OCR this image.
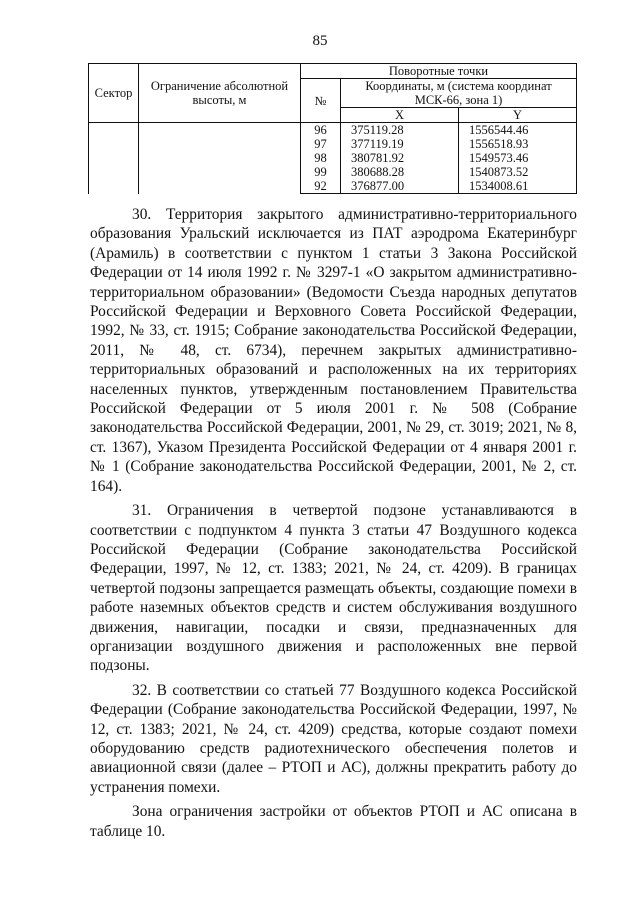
85
Сектор	Ограничение абсолютной высоты, м	Поворотные точки		
		№	Координаты, м (система координат МСК-66, зона 1)	
			X	Y
		96	375119.28	1556544.46
		97	377119.19	1556518.93
		98	380781.92	1549573.46
		99	380688.28	1540873.52
		92	376877.00	1534008.61

30. Территория закрытого административно-территориального образования Уральский исключается из ПАТ аэродрома Екатеринбург (Арамиль) в соответствии с пунктом 1 статьи 3 Закона Российской Федерации от 14 июля 1992 г. № 3297-1 «О закрытом административно-территориальном образовании» (Ведомости Съезда народных депутатов Российской Федерации и Верховного Совета Российской Федерации, 1992, № 33, ст. 1915; Собрание законодательства Российской Федерации, 2011, № 48, ст. 6734), перечнем закрытых административно-территориальных образований и расположенных на их территориях населенных пунктов, утвержденным постановлением Правительства Российской Федерации от 5 июля 2001 г. № 508 (Собрание законодательства Российской Федерации, 2001, № 29, ст. 3019; 2021, № 8, ст. 1367), Указом Президента Российской Федерации от 4 января 2001 г. № 1 (Собрание законодательства Российской Федерации, 2001, № 2, ст. 164).

31. Ограничения в четвертой подзоне устанавливаются в соответствии с подпунктом 4 пункта 3 статьи 47 Воздушного кодекса Российской Федерации (Собрание законодательства Российской Федерации, 1997, № 12, ст. 1383; 2021, № 24, ст. 4209). В границах четвертой подзоны запрещается размещать объекты, создающие помехи в работе наземных объектов средств и систем обслуживания воздушного движения, навигации, посадки и связи, предназначенных для организации воздушного движения и расположенных вне первой подзоны.

32. В соответствии со статьей 77 Воздушного кодекса Российской Федерации (Собрание законодательства Российской Федерации, 1997, № 12, ст. 1383; 2021, № 24, ст. 4209) средства, которые создают помехи оборудованию средств радиотехнического обеспечения полетов и авиационной связи (далее – РТОП и АС), должны прекратить работу до устранения помехи.

Зона ограничения застройки от объектов РТОП и АС описана в таблице 10.
